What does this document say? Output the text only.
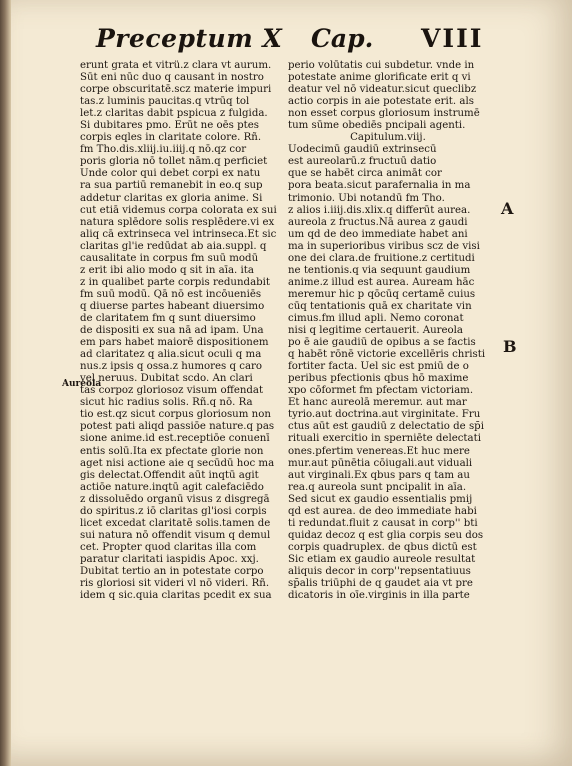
Preceptum X Cap. VIII
erunt grata et vitrü.z clara vt aurum.
Sūt eni nūc duo q causant in nostro
corpe obscuritatē.scz materie impuri
tas.z luminis paucitas.q vtrūq tol
let.z claritas dabit pspicua z fulgida.
Si dubitares pmo. Erūt ne oēs ptes
corpis eqles in claritate colore. Rñ.
fm Tho.dis.xliij.iu.iiij.q nō.qz cor
poris gloria nō tollet nām.q perficiet
Unde color qui debet corpi ex natu
ra sua partiū remanebit in eo.q sup
addetur claritas ex gloria anime. Si
cut etiā videmus corpa colorata ex sui
natura splēdore solis resplēdere.vi ex
aliq cā extrinseca vel intrinseca.Et sic
claritas gl'ie redūdat ab aia.suppl. q
causalitate in corpus fm suū modū
z erit ibi alio modo q sit in aīa. ita
z in qualibet parte corpis redundabit
fm suū modū. Qā nō est incōueniēs
q diuerse partes habeant diuersimo
de claritatem fm q sunt diuersimo
de dispositi ex sua nā ad ipam. Una
em pars habet maiorē dispositionem
ad claritatez q alia.sicut oculi q ma
nus.z ipsis q ossa.z humores q caro
vel neruus. Dubitat scdo. An clari
tas corpoz gloriosoz visum offendat
sicut hic radius solis. Rñ.q nō. Ra
tio est.qz sicut corpus gloriosum non
potest pati aliqd passiōe nature.q pas
sione anime.id est.receptiōe conuenī
entis solū.Ita ex pfectate glorie non
aget nisi actione aie q secūdū hoc ma
gis delectat.Offendit aūt inqtū agit
actiōe nature.inqtū agit calefaciēdo
z dissoluēdo organū visus z disgregā
do spiritus.z iō claritas gl'iosi corpis
licet excedat claritatē solis.tamen de
sui natura nō offendit visum q demul
cet. Propter quod claritas illa com
paratur claritati iaspidis Apoc. xxj.
Dubitat tertio an in potestate corpo
ris gloriosi sit videri vl nō videri. Rñ.
idem q sic.quia claritas pcedit ex sua
perio volūtatis cui subdetur. vnde in
potestate anime glorificate erit q vi
deatur vel nō videatur.sicut queclibz
actio corpis in aie potestate erit. als
non esset corpus gloriosum instrumē
tum sūme obediēs pncipali agenti.
Capitulum.viij.
Uodecimū gaudiū extrinsecū
est aureolarū.z fructuū datio
que se habēt circa animāt cor
pora beata.sicut parafernalia in ma
trimonio. Ubi notandū fm Tho.
z alios i.iiij.dis.xlix.q differūt aurea.
aureola z fructus.Nā aurea z gaudi
um qd de deo immediate habet ani
ma in superioribus viribus scz de visi
one dei clara.de fruitione.z certitudi
ne tentionis.q via sequunt gaudium
anime.z illud est aurea. Auream hāc
meremur hic p qōcūq certamē cuius
cūq tentationis quā ex charitate vin
cimus.fm illud apli. Nemo coronat
nisi q legitime certauerit. Aureola
po ē aie gaudiū de opibus a se factis
q habēt rōnē victorie excellēris christi
fortiter facta. Uel sic est pmiū de o
peribus pfectionis qbus hō maxime
xpo cōformet fm pfectam victoriam.
Et hanc aureolā meremur. aut mar
tyrio.aut doctrina.aut virginitate. Fru
ctus aūt est gaudiū z delectatio de sp̄i
rituali exercitio in sperniēte delectati
ones.pfertim venereas.Et huc mere
mur.aut pūnētia cōiugali.aut viduali
aut virginali.Ex qbus pars q tam au
rea.q aureola sunt pncipalit in aīa.
Sed sicut ex gaudio essentialis pmij
qd est aurea. de deo immediate habi
ti redundat.fluit z causat in corp'' bti
quidaz decoz q est glia corpis seu dos
corpis quadruplex. de qbus dictū est
Sic etiam ex gaudio aureole resultat
aliquis decor in corp''repsentatiuus
sp̄alis triūphi de q gaudet aia vt pre
dicatoris in oīe.virginis in illa parte
Aureola
A
B
